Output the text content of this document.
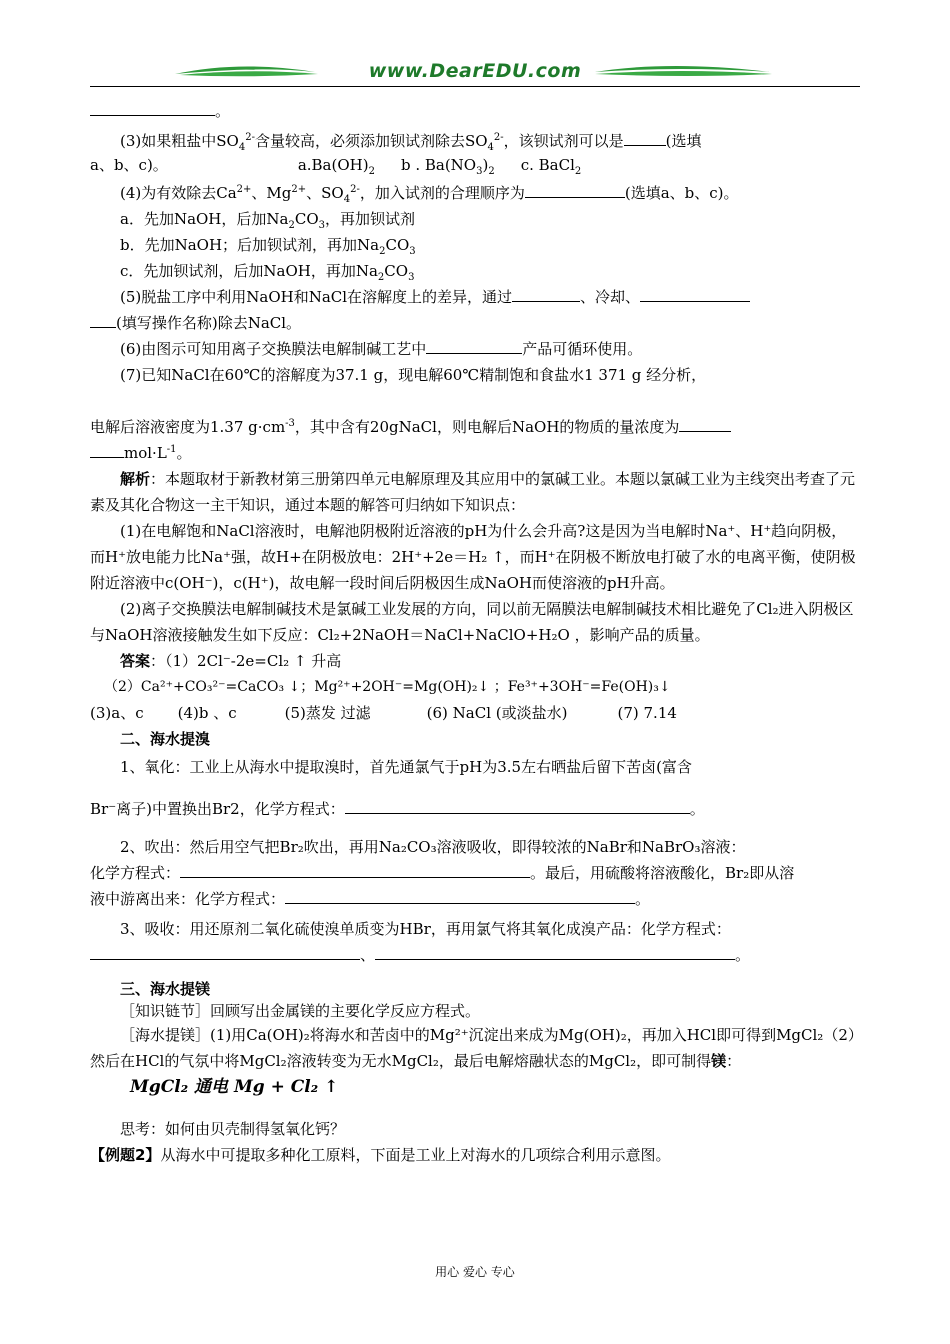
www.DearEDU.com

。

(3)如果粗盐中$SO_4^{2-}$含量较高，必须添加钡试剂除去$SO_4^{2-}$，该钡试剂可以是	(选填

a、b、c)。	$a.Ba(OH)_2$ b . $Ba(NO_3)_2$ c. BaCl$_2$

(4)为有效除去$Ca^{2+}$、$Mg^{2+}$、$SO_4^{2-}$，加入试剂的合理顺序为	(选填a、b、c)。

a．先加NaOH，后加$Na_2CO_3$，再加钡试剂

b．先加NaOH；后加钡试剂，再加$Na_2CO_3$

c．先加钡试剂，后加NaOH，再加$Na_2CO_3$

(5)脱盐工序中利用NaOH和NaCl在溶解度上的差异，通过	、冷却、
(填写操作名称)除去NaCl。

(6)由图示可知用离子交换膜法电解制碱工艺中	产品可循环使用。

(7)已知NaCl在60℃的溶解度为37.1 g，现电解60℃精制饱和食盐水1 371 g 经分析，

电解后溶液密度为1.37 $g\cdot cm^{-3}$，其中含有20gNaCl，则电解后NaOH的物质的量浓度为
$mol\cdot L^{-1}$。

解析：本题取材于新教材第三册第四单元电解原理及其应用中的氯碱工业。本题以氯碱工业为主线突出考查了元素及其化合物这一主干知识，通过本题的解答可归纳如下知识点：

(1)在电解饱和NaCl溶液时，电解池阴极附近溶液的pH为什么会升高?这是因为当电解时Na⁺、H⁺趋向阴极，而H⁺放电能力比Na⁺强，故H+在阴极放电：2H⁺+2e＝H₂ ↑，而H⁺在阴极不断放电打破了水的电离平衡，使阴极附近溶液中c(OH⁻)，c(H⁺)，故电解一段时间后阴极因生成NaOH而使溶液的pH升高。

(2)离子交换膜法电解制碱技术是氯碱工业发展的方向，同以前无隔膜法电解制碱技术相比避免了Cl₂进入阴极区与NaOH溶液接触发生如下反应：Cl₂+2NaOH＝NaCl+NaClO+H₂O ，影响产品的质量。

答案：（1）2Cl⁻-2e=Cl₂ ↑ 升高

（2）Ca²⁺+CO₃²⁻=CaCO₃ ↓；Mg²⁺+2OH⁻=Mg(OH)₂↓ ；Fe³⁺+3OH⁻=Fe(OH)₃↓

(3)a、c (4)b 、c	(5)蒸发 过滤	(6) NaCl (或淡盐水)	(7) 7.14

二、海水提溴

1、氧化：工业上从海水中提取溴时，首先通氯气于pH为3.5左右晒盐后留下苦卤(富含

Br⁻离子)中置换出Br2，化学方程式：	。

2、吹出：然后用空气把Br₂吹出，再用Na₂CO₃溶液吸收，即得较浓的NaBr和NaBrO₃溶液：

化学方程式：	。最后，用硫酸将溶液酸化，Br₂即从溶

液中游离出来：化学方程式：	。

3、吸收：用还原剂二氧化硫使溴单质变为HBr，再用氯气将其氧化成溴产品：化学方程式：

、	。

三、海水提镁

［知识链节］回顾写出金属镁的主要化学反应方程式。

［海水提镁］(1)用Ca(OH)₂将海水和苦卤中的Mg²⁺沉淀出来成为Mg(OH)₂，再加入HCl即可得到MgCl₂（2）然后在HCl的气氛中将MgCl₂溶液转变为无水MgCl₂，最后电解熔融状态的MgCl₂，即可制得镁：MgCl₂ 通电 Mg + Cl₂ ↑

思考：如何由贝壳制得氢氧化钙？

【例题2】从海水中可提取多种化工原料，下面是工业上对海水的几项综合利用示意图。

用心 爱心 专心
